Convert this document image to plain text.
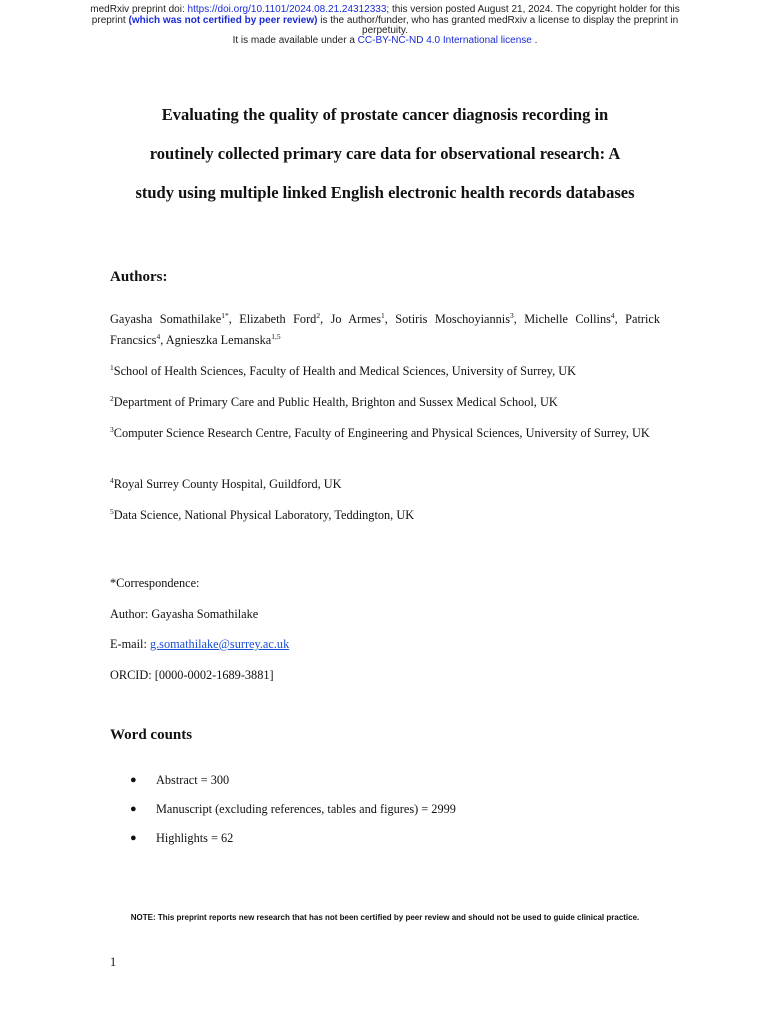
medRxiv preprint doi: https://doi.org/10.1101/2024.08.21.24312333; this version posted August 21, 2024. The copyright holder for this
preprint (which was not certified by peer review) is the author/funder, who has granted medRxiv a license to display the preprint in
perpetuity.
It is made available under a CC-BY-NC-ND 4.0 International license .
Evaluating the quality of prostate cancer diagnosis recording in
routinely collected primary care data for observational research: A
study using multiple linked English electronic health records databases
Authors:
Gayasha Somathilake$^{1*}$, Elizabeth Ford$^2$, Jo Armes$^1$, Sotiris Moschoyiannis$^3$, Michelle Collins$^4$, Patrick Francsics$^4$, Agnieszka Lemanska$^{1,5}$
$^1$School of Health Sciences, Faculty of Health and Medical Sciences, University of Surrey, UK
$^2$Department of Primary Care and Public Health, Brighton and Sussex Medical School, UK
$^3$Computer Science Research Centre, Faculty of Engineering and Physical Sciences, University of Surrey, UK
$^4$Royal Surrey County Hospital, Guildford, UK
$^5$Data Science, National Physical Laboratory, Teddington, UK
*Correspondence:
Author: Gayasha Somathilake
E-mail: g.somathilake@surrey.ac.uk
ORCID: [0000-0002-1689-3881]
Word counts
● Abstract = 300
● Manuscript (excluding references, tables and figures) = 2999
● Highlights = 62
NOTE: This preprint reports new research that has not been certified by peer review and should not be used to guide clinical practice.
1
